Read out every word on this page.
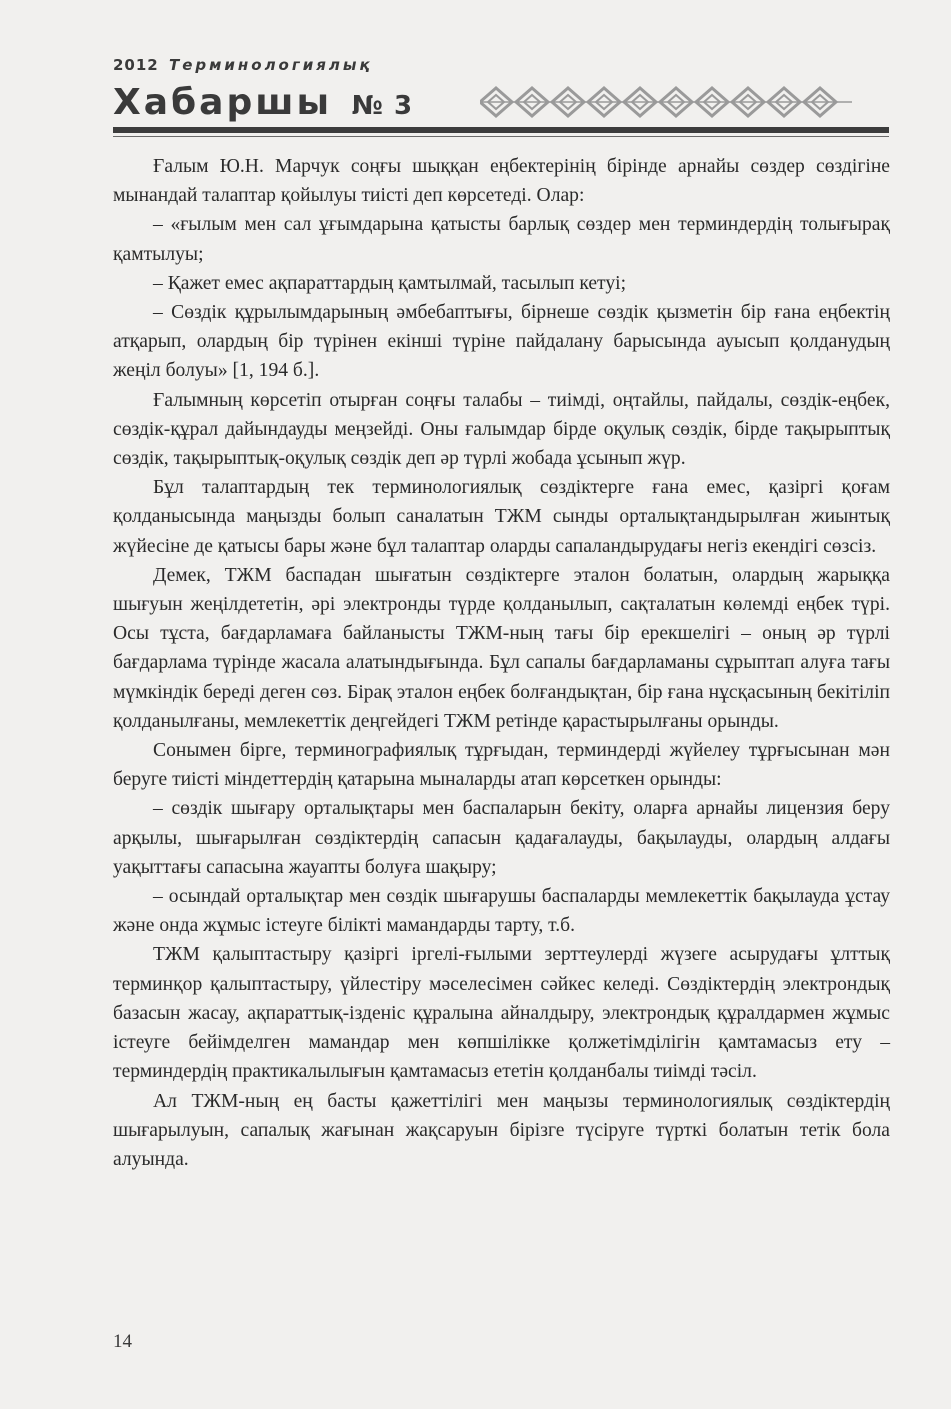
2012 Терминологиялық
Хабаршы № 3

Ғалым Ю.Н. Марчук соңғы шыққан еңбектерінің бірінде арнайы сөздер сөздігіне мынандай талаптар қойылуы тиісті деп көрсетеді. Олар:

– «ғылым мен сал ұғымдарына қатысты барлық сөздер мен терминдердің толығырақ қамтылуы;

– Қажет емес ақпараттардың қамтылмай, тасылып кетуі;

– Сөздік құрылымдарының әмбебаптығы, бірнеше сөздік қызметін бір ғана еңбектің атқарып, олардың бір түрінен екінші түріне пайдалану барысында ауысып қолданудың жеңіл болуы» [1, 194 б.].

Ғалымның көрсетіп отырған соңғы талабы – тиімді, оңтайлы, пайдалы, сөздік-еңбек, сөздік-құрал дайындауды меңзейді. Оны ғалымдар бірде оқулық сөздік, бірде тақырыптық сөздік, тақырыптық-оқулық сөздік деп әр түрлі жобада ұсынып жүр.

Бұл талаптардың тек терминологиялық сөздіктерге ғана емес, қазіргі қоғам қолданысында маңызды болып саналатын ТЖМ сынды орталықтандырылған жиынтық жүйесіне де қатысы бары және бұл талаптар оларды сапаландырудағы негіз екендігі сөзсіз.

Демек, ТЖМ баспадан шығатын сөздіктерге эталон болатын, олардың жарыққа шығуын жеңілдететін, әрі электронды түрде қолданылып, сақталатын көлемді еңбек түрі. Осы тұста, бағдарламаға байланысты ТЖМ-ның тағы бір ерекшелігі – оның әр түрлі бағдарлама түрінде жасала алатындығында. Бұл сапалы бағдарламаны сұрыптап алуға тағы мүмкіндік береді деген сөз. Бірақ эталон еңбек болғандықтан, бір ғана нұсқасының бекітіліп қолданылғаны, мемлекеттік деңгейдегі ТЖМ ретінде қарастырылғаны орынды.

Сонымен бірге, терминографиялық тұрғыдан, терминдерді жүйелеу тұрғысынан мән беруге тиісті міндеттердің қатарына мыналарды атап көрсеткен орынды:

– сөздік шығару орталықтары мен баспаларын бекіту, оларға арнайы лицензия беру арқылы, шығарылған сөздіктердің сапасын қадағалауды, бақылауды, олардың алдағы уақыттағы сапасына жауапты болуға шақыру;

– осындай орталықтар мен сөздік шығарушы баспаларды мемлекеттік бақылауда ұстау және онда жұмыс істеуге білікті мамандарды тарту, т.б.

ТЖМ қалыптастыру қазіргі іргелі-ғылыми зерттеулерді жүзеге асырудағы ұлттық терминқор қалыптастыру, үйлестіру мәселесімен сәйкес келеді. Сөздіктердің электрондық базасын жасау, ақпараттық-ізденіс құралына айналдыру, электрондық құралдармен жұмыс істеуге бейімделген мамандар мен көпшілікке қолжетімділігін қамтамасыз ету – терминдердің практикалылығын қамтамасыз ететін қолданбалы тиімді тәсіл.

Ал ТЖМ-ның ең басты қажеттілігі мен маңызы терминологиялық сөздіктердің шығарылуын, сапалық жағынан жақсаруын бірізге түсіруге түрткі болатын тетік бола алуында.

14
